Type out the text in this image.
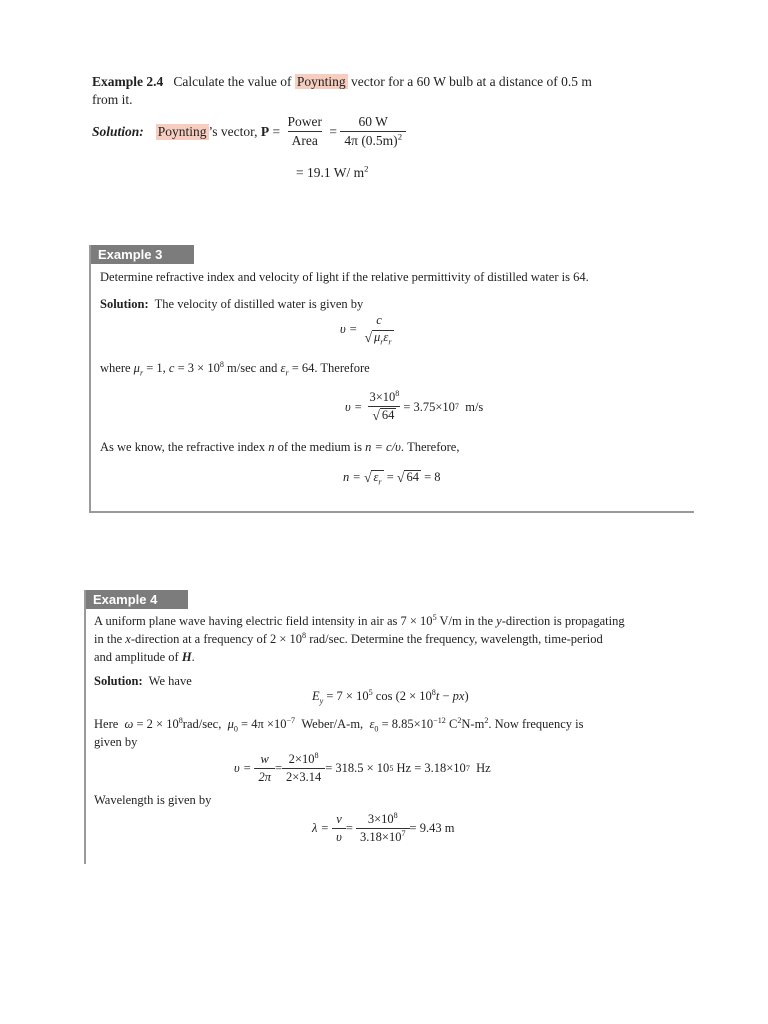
Example 2.4 Calculate the value of Poynting vector for a 60 W bulb at a distance of 0.5 m
from it.
Solution: Poynting ’s vector,
P
=
$\frac{\text{Power}}{\text{Area}}$
=
$\frac{60 W}{4\pi (0.5m)^2}$
= 19.1 W/ $m^2$
Example 3
Determine refractive index and velocity of light if the relative permittivity of distilled water is 64.
Solution: The velocity of distilled water is given by
υ =

c
√ $\mu_r\varepsilon_r$
where $\mu_r = 1$, $c = 3 \times 10^8$ m/sec and $\varepsilon_r = 64$. Therefore
υ =
$\frac{3\times 10^8}{√ 64} = 3.75\times 10$ 7
m/s
As we know, the refractive index n of the medium is n = c/υ. Therefore,
n =
√ $\varepsilon_r$
=
√ 64
= 8
Example 4
A uniform plane wave having electric field intensity in air as $7 \times 10^5$ V/m in the y-direction is propagating
in the x-direction at a frequency of $2 \times 10^8$ rad/sec. Determine the frequency, wavelength, time-period
and amplitude of H.
Solution: We have
$E_y = 7 \times 10^5$ $\cos (2 \times 10^8t - px)$
Here $\omega = 2 \times 10^8rad/\sec$, $\mu_0 = 4\pi \times 10^{-7}$ Weber/A-m, $\varepsilon_0 = 8.85\times 10^{-12}$ $C^2N-m^2$. Now frequency is
given by
υ =
$\frac{w}{2\pi} = \frac{2\times 10^8}{2\times 3.14} = 318.5 \times 10$ 5
Hz = 3.18×10 7
Hz
Wavelength is given by
λ =
$\frac{v}{\upsilon}$ =
$\frac{3\times 10^8}{3.18\times 10^7} = 9.43$ m
